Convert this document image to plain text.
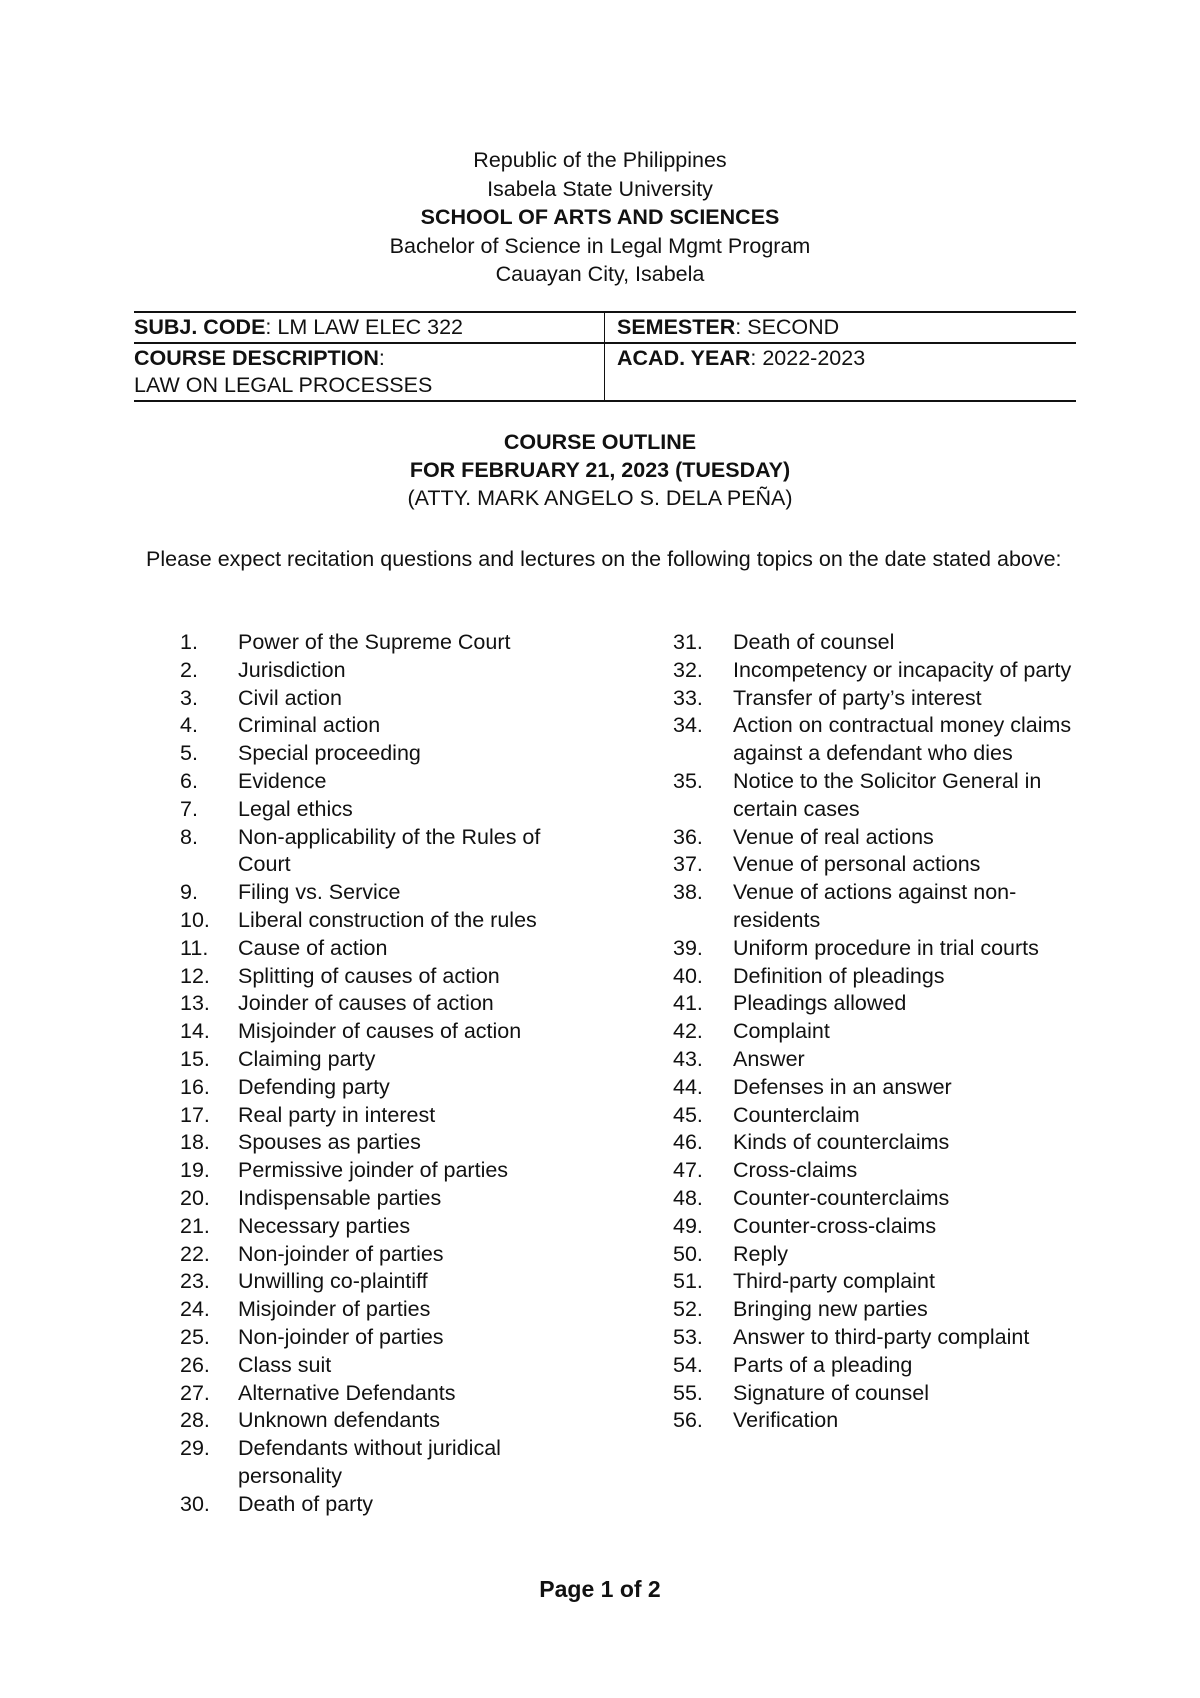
Republic of the Philippines
Isabela State University
SCHOOL OF ARTS AND SCIENCES
Bachelor of Science in Legal Mgmt Program
Cauayan City, Isabela
SUBJ. CODE: LM LAW ELEC 322	SEMESTER: SECOND
COURSE DESCRIPTION:
LAW ON LEGAL PROCESSES	ACAD. YEAR: 2022-2023
COURSE OUTLINE
FOR FEBRUARY 21, 2023 (TUESDAY)
(ATTY. MARK ANGELO S. DELA PEÑA)
Please expect recitation questions and lectures on the following topics on the date stated above:
1.	Power of the Supreme Court
2.	Jurisdiction
3.	Civil action
4.	Criminal action
5.	Special proceeding
6.	Evidence
7.	Legal ethics
8.	Non-applicability of the Rules of Court
9.	Filing vs. Service
10.	Liberal construction of the rules
11.	Cause of action
12.	Splitting of causes of action
13.	Joinder of causes of action
14.	Misjoinder of causes of action
15.	Claiming party
16.	Defending party
17.	Real party in interest
18.	Spouses as parties
19.	Permissive joinder of parties
20.	Indispensable parties
21.	Necessary parties
22.	Non-joinder of parties
23.	Unwilling co-plaintiff
24.	Misjoinder of parties
25.	Non-joinder of parties
26.	Class suit
27.	Alternative Defendants
28.	Unknown defendants
29.	Defendants without juridical personality
30.	Death of party
31.	Death of counsel
32.	Incompetency or incapacity of party
33.	Transfer of party’s interest
34.	Action on contractual money claims against a defendant who dies
35.	Notice to the Solicitor General in certain cases
36.	Venue of real actions
37.	Venue of personal actions
38.	Venue of actions against non-residents
39.	Uniform procedure in trial courts
40.	Definition of pleadings
41.	Pleadings allowed
42.	Complaint
43.	Answer
44.	Defenses in an answer
45.	Counterclaim
46.	Kinds of counterclaims
47.	Cross-claims
48.	Counter-counterclaims
49.	Counter-cross-claims
50.	Reply
51.	Third-party complaint
52.	Bringing new parties
53.	Answer to third-party complaint
54.	Parts of a pleading
55.	Signature of counsel
56.	Verification
Page 1 of 2
